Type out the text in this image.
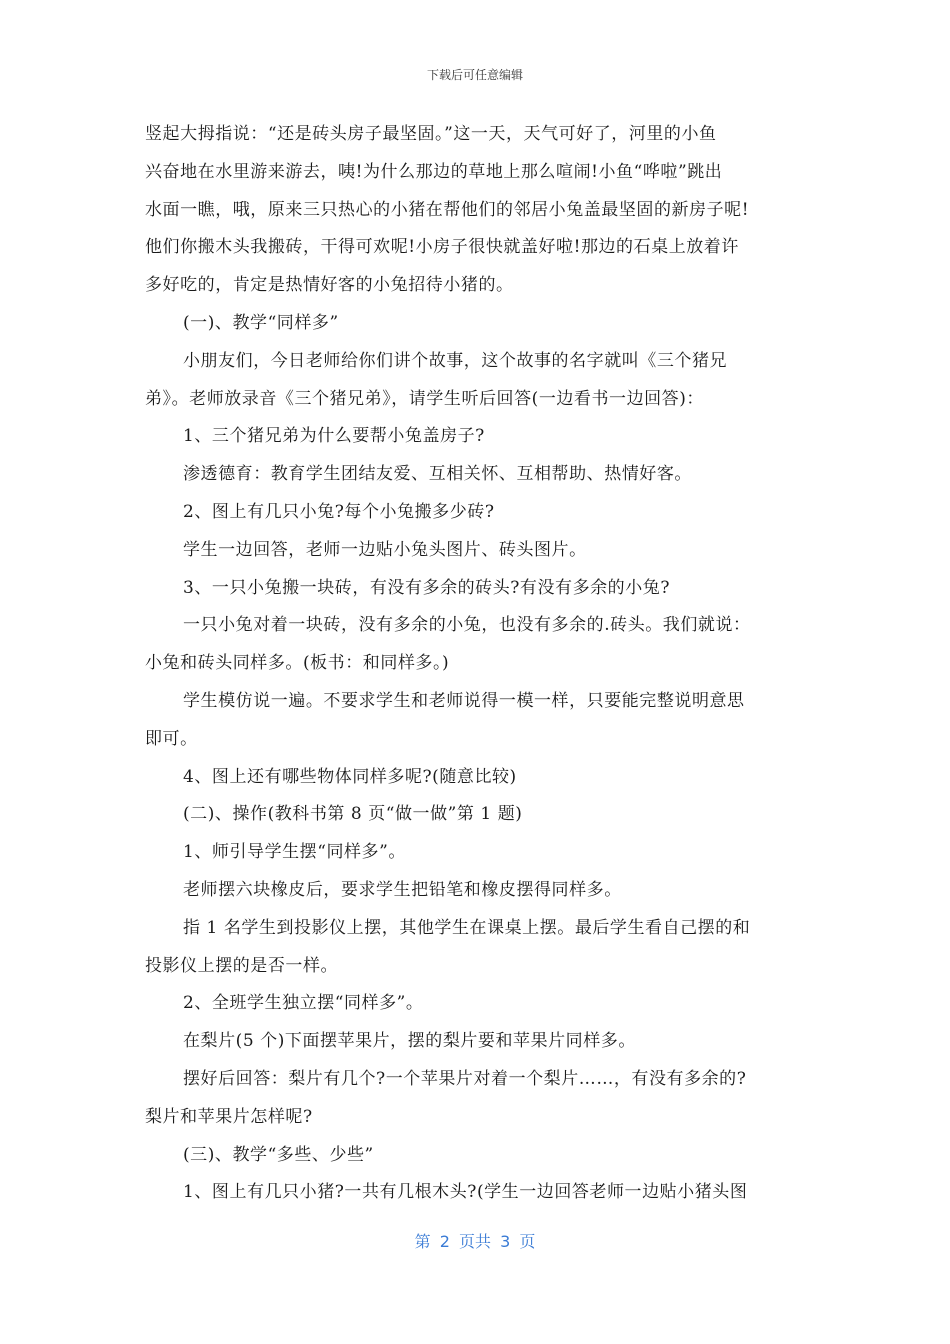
下载后可任意编辑
竖起大拇指说：“还是砖头房子最坚固。”这一天，天气可好了，河里的小鱼
兴奋地在水里游来游去，咦!为什么那边的草地上那么喧闹!小鱼“哗啦”跳出
水面一瞧，哦，原来三只热心的小猪在帮他们的邻居小兔盖最坚固的新房子呢!
他们你搬木头我搬砖，干得可欢呢!小房子很快就盖好啦!那边的石桌上放着许
多好吃的，肯定是热情好客的小兔招待小猪的。
(一)、教学“同样多”
小朋友们，今日老师给你们讲个故事，这个故事的名字就叫《三个猪兄
弟》。老师放录音《三个猪兄弟》，请学生听后回答(一边看书一边回答)：
1、三个猪兄弟为什么要帮小兔盖房子?
渗透德育：教育学生团结友爱、互相关怀、互相帮助、热情好客。
2、图上有几只小兔?每个小兔搬多少砖?
学生一边回答，老师一边贴小兔头图片、砖头图片。
3、一只小兔搬一块砖，有没有多余的砖头?有没有多余的小兔?
一只小兔对着一块砖，没有多余的小兔，也没有多余的.砖头。我们就说：
小兔和砖头同样多。(板书：和同样多。)
学生模仿说一遍。不要求学生和老师说得一模一样，只要能完整说明意思
即可。
4、图上还有哪些物体同样多呢?(随意比较)
(二)、操作(教科书第 8 页“做一做”第 1 题)
1、师引导学生摆“同样多”。
老师摆六块橡皮后，要求学生把铅笔和橡皮摆得同样多。
指 1 名学生到投影仪上摆，其他学生在课桌上摆。最后学生看自己摆的和
投影仪上摆的是否一样。
2、全班学生独立摆“同样多”。
在梨片(5 个)下面摆苹果片，摆的梨片要和苹果片同样多。
摆好后回答：梨片有几个?一个苹果片对着一个梨片……，有没有多余的?
梨片和苹果片怎样呢?
(三)、教学“多些、少些”
1、图上有几只小猪?一共有几根木头?(学生一边回答老师一边贴小猪头图
第 2 页共 3 页
